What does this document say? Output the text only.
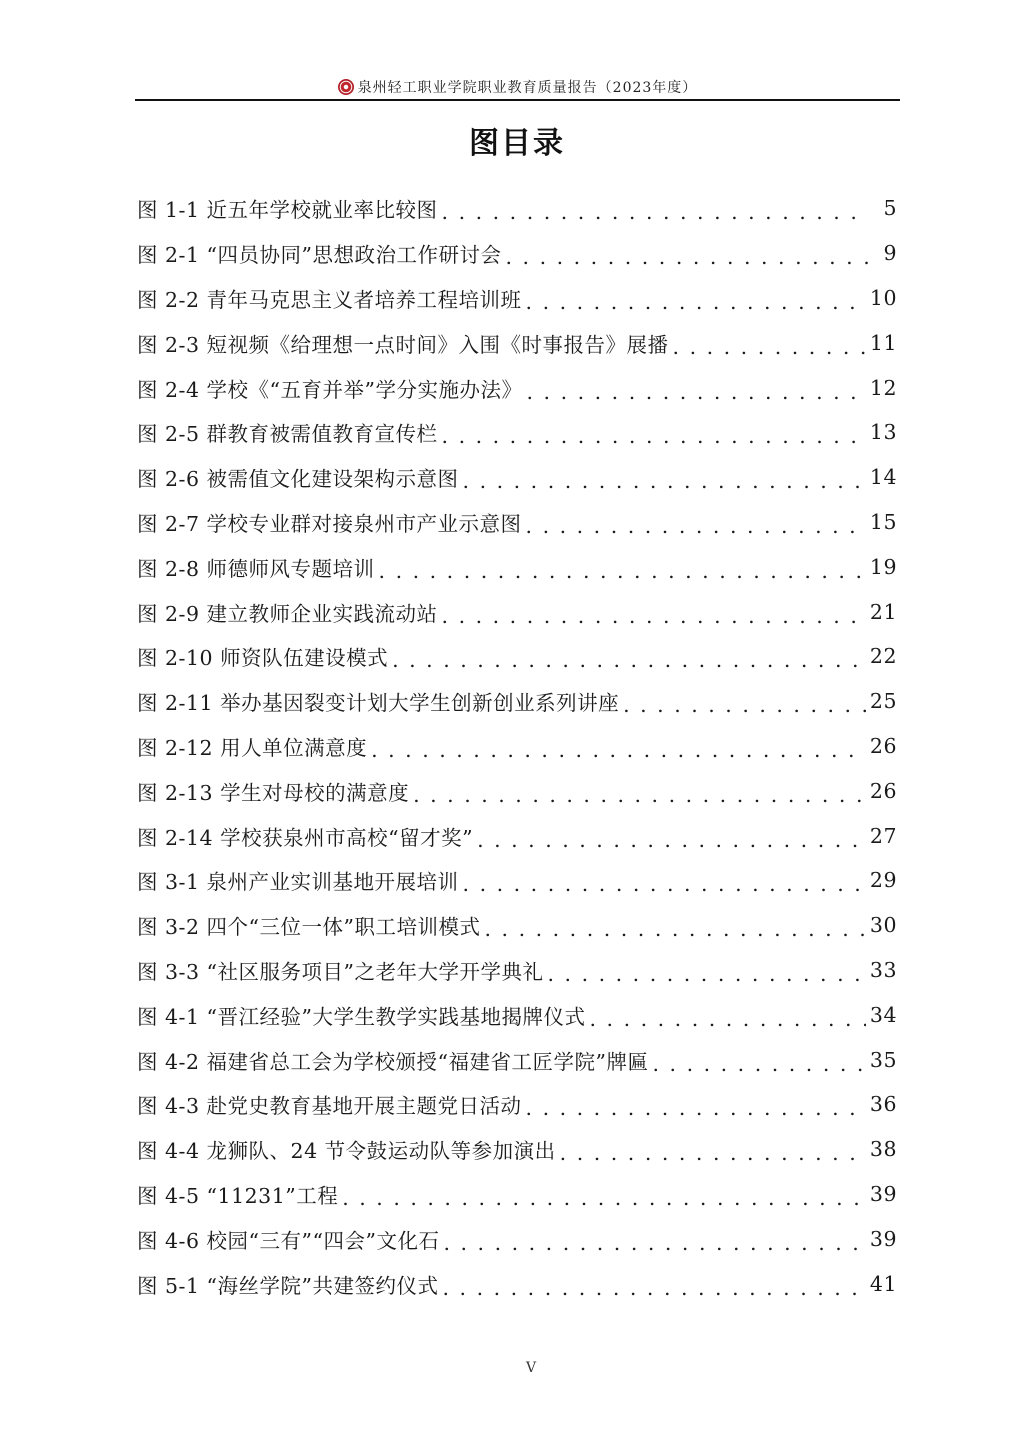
泉州轻工职业学院职业教育质量报告（2023年度）
图目录
图 1-1 近五年学校就业率比较图 . . .	5
图 2-1 “四员协同”思想政治工作研讨会 . . .	9
图 2-2 青年马克思主义者培养工程培训班 . . .	10
图 2-3 短视频《给理想一点时间》入围《时事报告》展播 . . .	11
图 2-4 学校《“五育并举”学分实施办法》 . . .	12
图 2-5 群教育被需值教育宣传栏 . . .	13
图 2-6 被需值文化建设架构示意图 . . .	14
图 2-7 学校专业群对接泉州市产业示意图 . . .	15
图 2-8 师德师风专题培训 . . .	19
图 2-9 建立教师企业实践流动站 . . .	21
图 2-10 师资队伍建设模式 . . .	22
图 2-11 举办基因裂变计划大学生创新创业系列讲座 . . .	25
图 2-12 用人单位满意度 . . .	26
图 2-13 学生对母校的满意度 . . .	26
图 2-14 学校获泉州市高校“留才奖” . . .	27
图 3-1 泉州产业实训基地开展培训 . . .	29
图 3-2 四个“三位一体”职工培训模式 . . .	30
图 3-3 “社区服务项目”之老年大学开学典礼 . . .	33
图 4-1 “晋江经验”大学生教学实践基地揭牌仪式 . . .	34
图 4-2 福建省总工会为学校颁授“福建省工匠学院”牌匾 . . .	35
图 4-3 赴党史教育基地开展主题党日活动 . . .	36
图 4-4 龙狮队、24 节令鼓运动队等参加演出 . . .	38
图 4-5 “11231”工程 . . .	39
图 4-6 校园“三有”“四会”文化石 . . .	39
图 5-1 “海丝学院”共建签约仪式 . . .	41
V
